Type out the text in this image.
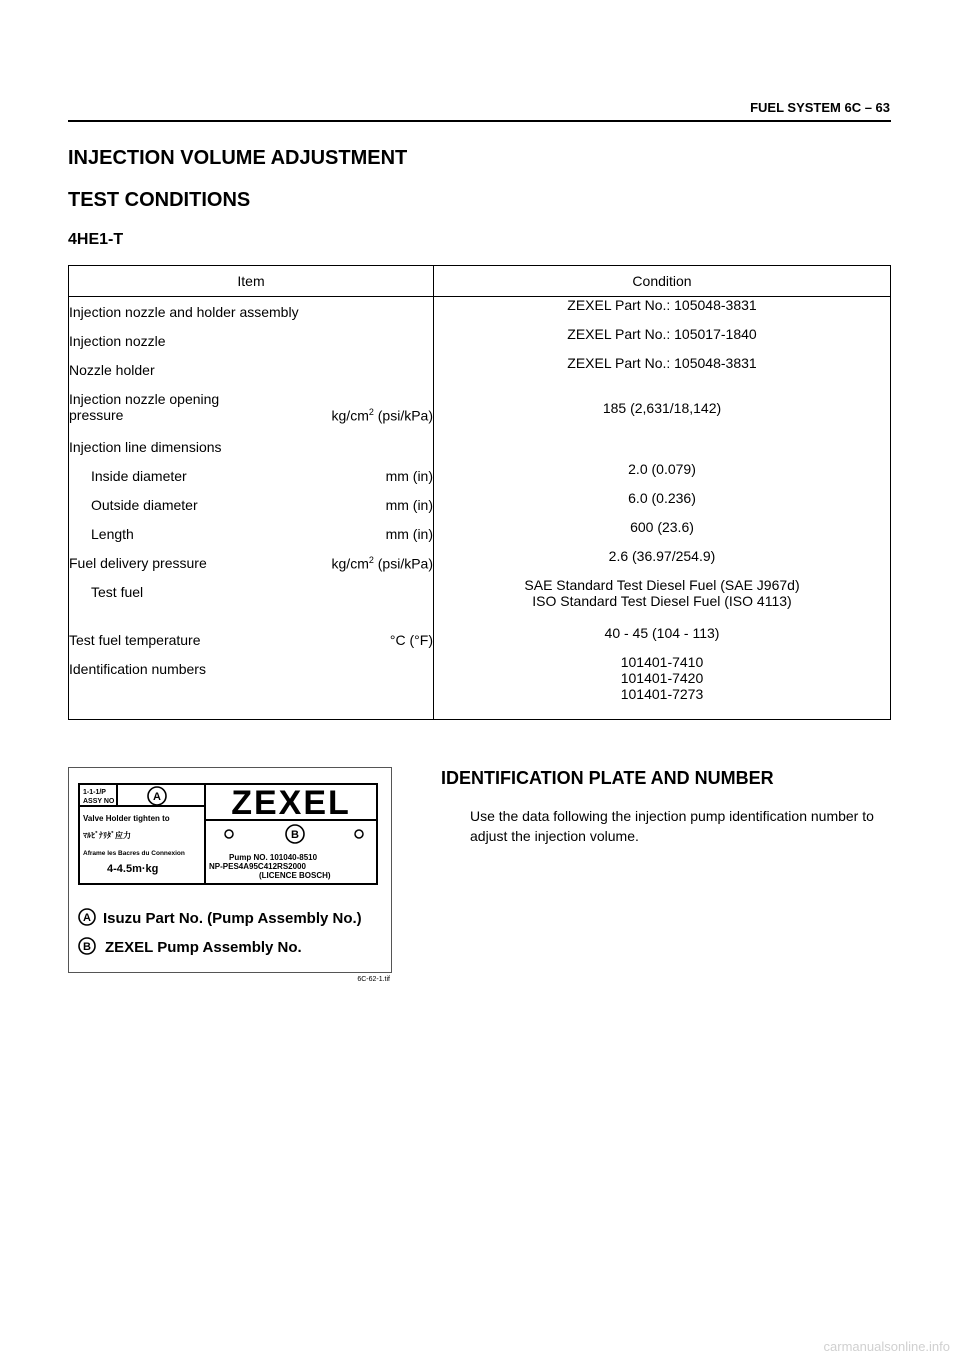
FUEL SYSTEM 6C – 63
INJECTION VOLUME ADJUSTMENT
TEST CONDITIONS
4HE1-T
Item	Condition

Injection nozzle and holder assembly	ZEXEL Part No.: 105048-3831

Injection nozzle	ZEXEL Part No.: 105017-1840

Nozzle holder	ZEXEL Part No.: 105048-3831

Injection nozzle opening
pressure $kg/cm^2$ (psi/kPa)	185 (2,631/18,142)

Injection line dimensions	

Inside diameter mm (in)	2.0 (0.079)

Outside diameter mm (in)	6.0 (0.236)

Length mm (in)	600 (23.6)

Fuel delivery pressure $kg/cm^2$ (psi/kPa)	2.6 (36.97/254.9)

Test fuel	SAE Standard Test Diesel Fuel (SAE J967d)
ISO Standard Test Diesel Fuel (ISO 4113)

Test fuel temperature °C (°F)	40 - 45 (104 - 113)

Identification numbers	101401-7410
101401-7420
101401-7273
1-1-1/P
ASSY NO	A
Valve Holder tighten to
ﾏﾙﾋﾞﾅﾘﾀﾞ应力
Aframe les Bacres du Connexion
4-4.5m·kg
ZEXEL
B
Pump NO. 101040-8510
NP-PES4A95C412RS2000
(LICENCE BOSCH)
A Isuzu Part No. (Pump Assembly No.)
B ZEXEL Pump Assembly No.
6C-62-1.tif
IDENTIFICATION PLATE AND NUMBER

Use the data following the injection pump identification number to adjust the injection volume.

carmanualsonline.info
